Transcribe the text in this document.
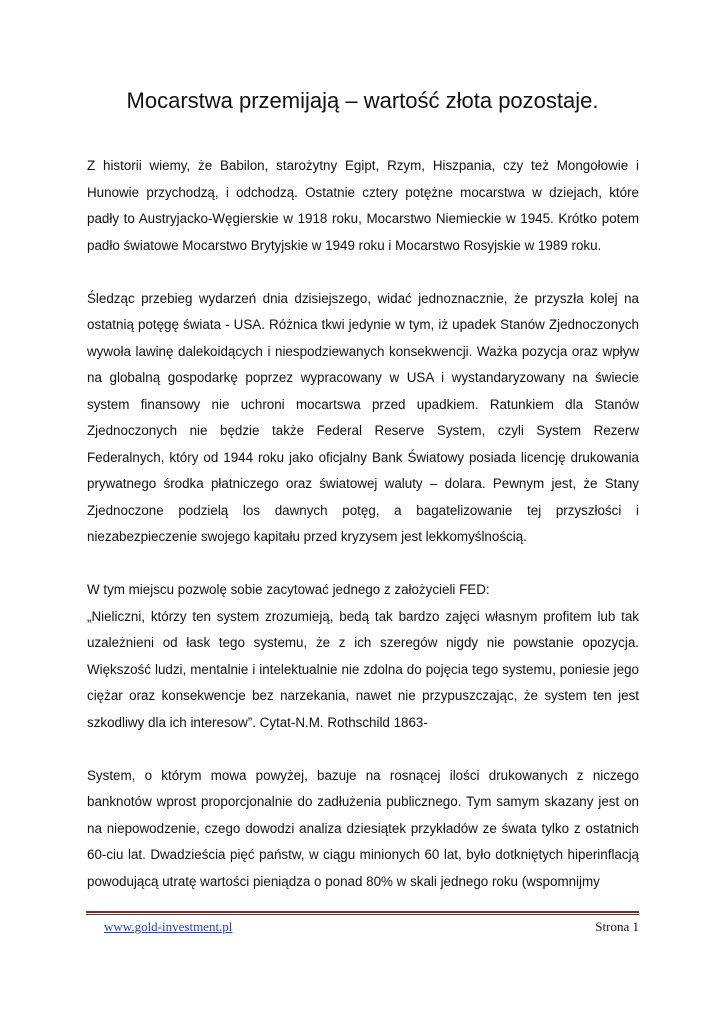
Mocarstwa przemijają – wartość złota pozostaje.

Z historii wiemy, że Babilon, starożytny Egipt, Rzym, Hiszpania, czy też Mongołowie i Hunowie przychodzą, i odchodzą. Ostatnie cztery potężne mocarstwa w dziejach, które padły to Austryjacko-Węgierskie w 1918 roku, Mocarstwo Niemieckie w 1945. Krótko potem padło światowe Mocarstwo Brytyjskie w 1949 roku i Mocarstwo Rosyjskie w 1989 roku.

Śledząc przebieg wydarzeń dnia dzisiejszego, widać jednoznacznie, że przyszła kolej na ostatnią potęgę świata - USA. Różnica tkwi jedynie w tym, iż upadek Stanów Zjednoczonych wywoła lawinę dalekoidących i niespodziewanych konsekwencji. Ważka pozycja oraz wpływ na globalną gospodarkę poprzez wypracowany w USA i wystandaryzowany na świecie system finansowy nie uchroni mocartswa przed upadkiem. Ratunkiem dla Stanów Zjednoczonych nie będzie także Federal Reserve System, czyli System Rezerw Federalnych, który od 1944 roku jako oficjalny Bank Światowy posiada licencję drukowania prywatnego środka płatniczego oraz światowej waluty – dolara. Pewnym jest, że Stany Zjednoczone podzielą los dawnych potęg, a bagatelizowanie tej przyszłości i niezabezpieczenie swojego kapitału przed kryzysem jest lekkomyślnością.

W tym miejscu pozwolę sobie zacytować jednego z założycieli FED:

„Nieliczni, którzy ten system zrozumieją, bedą tak bardzo zajęci własnym profitem lub tak uzależnieni od łask tego systemu, że z ich szeregów nigdy nie powstanie opozycja. Większość ludzi, mentalnie i intelektualnie nie zdolna do pojęcia tego systemu, poniesie jego ciężar oraz konsekwencje bez narzekania, nawet nie przypuszczając, że system ten jest szkodliwy dla ich interesow”. Cytat-N.M. Rothschild 1863-

System, o którym mowa powyżej, bazuje na rosnącej ilości drukowanych z niczego banknotów wprost proporcjonalnie do zadłużenia publicznego. Tym samym skazany jest on na niepowodzenie, czego dowodzi analiza dziesiątek przykładów ze śwata tylko z ostatnich 60-ciu lat. Dwadzieścia pięć państw, w ciągu minionych 60 lat, było dotkniętych hiperinflacją powodującą utratę wartości pieniądza o ponad 80% w skali jednego roku (wspomnijmy

www.gold-investment.pl	Strona 1
